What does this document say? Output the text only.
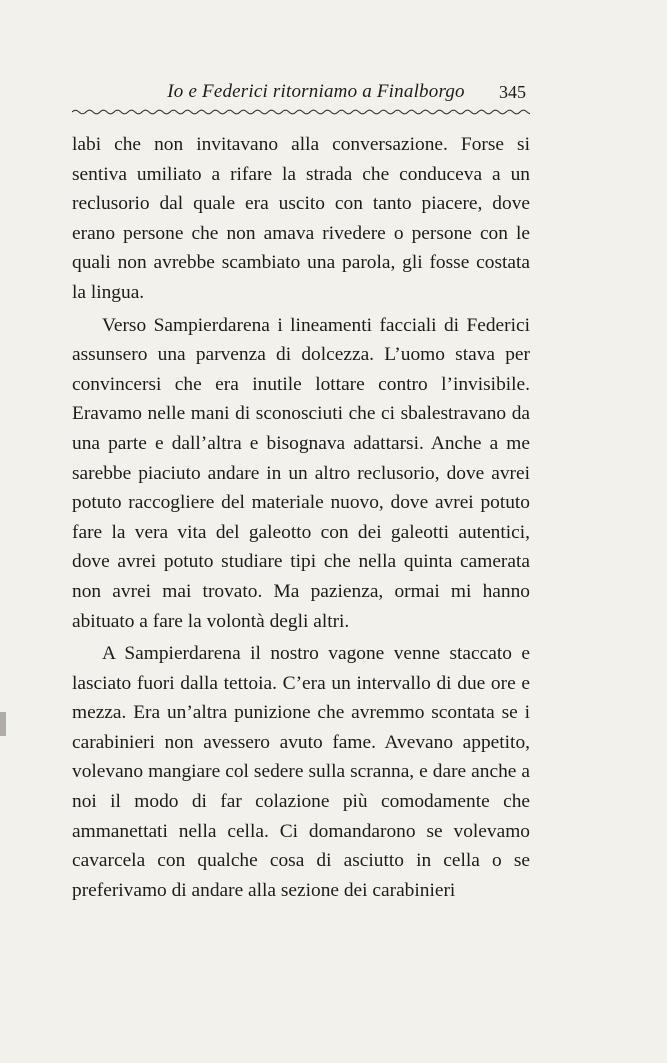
Io e Federici ritorniamo a Finalborgo	345

labi che non invitavano alla conversazione. Forse si sentiva umiliato a rifare la strada che conduceva a un reclusorio dal quale era uscito con tanto piacere, dove erano persone che non amava rivedere o persone con le quali non avrebbe scambiato una parola, gli fosse costata la lingua.

Verso Sampierdarena i lineamenti facciali di Federici assunsero una parvenza di dolcezza. L’uomo stava per convincersi che era inutile lottare contro l’invisibile. Eravamo nelle mani di sconosciuti che ci sbalestravano da una parte e dall’altra e bisognava adattarsi. Anche a me sarebbe piaciuto andare in un altro reclusorio, dove avrei potuto raccogliere del materiale nuovo, dove avrei potuto fare la vera vita del galeotto con dei galeotti autentici, dove avrei potuto studiare tipi che nella quinta camerata non avrei mai trovato. Ma pazienza, ormai mi hanno abituato a fare la volontà degli altri.

A Sampierdarena il nostro vagone venne staccato e lasciato fuori dalla tettoia. C’era un intervallo di due ore e mezza. Era un’altra punizione che avremmo scontata se i carabinieri non avessero avuto fame. Avevano appetito, volevano mangiare col sedere sulla scranna, e dare anche a noi il modo di far colazione più comodamente che ammanettati nella cella. Ci domandarono se volevamo cavarcela con qualche cosa di asciutto in cella o se preferivamo di andare alla sezione dei carabinieri
